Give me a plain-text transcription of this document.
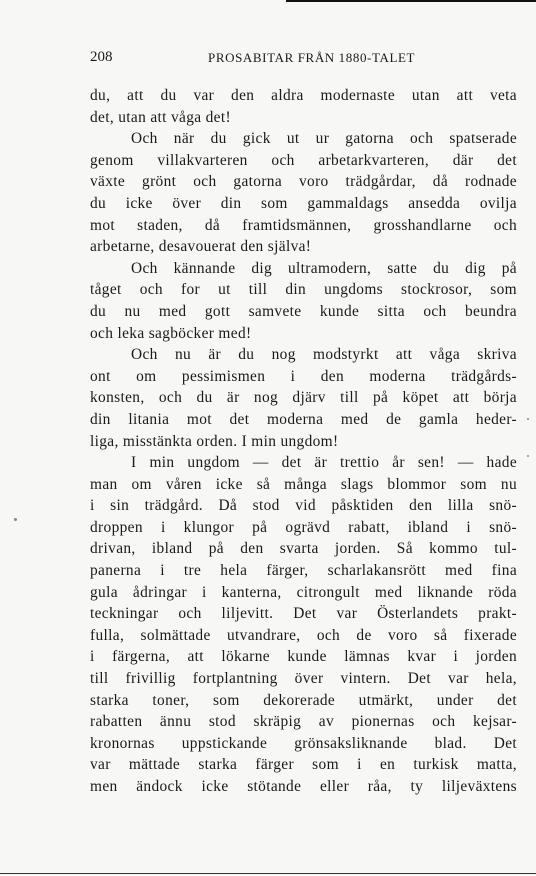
208	PROSABITAR FRÅN 1880-TALET
du, att du var den aldra modernaste utan att veta
det, utan att våga det!
Och när du gick ut ur gatorna och spatserade
genom villakvarteren och arbetarkvarteren, där det
växte grönt och gatorna voro trädgårdar, då rodnade
du icke över din som gammaldags ansedda ovilja
mot staden, då framtidsmännen, grosshandlarne och
arbetarne, desavouerat den själva!
Och kännande dig ultramodern, satte du dig på
tåget och for ut till din ungdoms stockrosor, som
du nu med gott samvete kunde sitta och beundra
och leka sagböcker med!
Och nu är du nog modstyrkt att våga skriva
ont om pessimismen i den moderna trädgårds-
konsten, och du är nog djärv till på köpet att börja
din litania mot det moderna med de gamla heder-
liga, misstänkta orden. I min ungdom!
I min ungdom — det är trettio år sen! — hade
man om våren icke så många slags blommor som nu
i sin trädgård. Då stod vid påsktiden den lilla snö-
droppen i klungor på ogrävd rabatt, ibland i snö-
drivan, ibland på den svarta jorden. Så kommo tul-
panerna i tre hela färger, scharlakansrött med fina
gula ådringar i kanterna, citrongult med liknande röda
teckningar och liljevitt. Det var Österlandets prakt-
fulla, solmättade utvandrare, och de voro så fixerade
i färgerna, att lökarne kunde lämnas kvar i jorden
till frivillig fortplantning över vintern. Det var hela,
starka toner, som dekorerade utmärkt, under det
rabatten ännu stod skräpig av pionernas och kejsar-
kronornas uppstickande grönsaksliknande blad. Det
var mättade starka färger som i en turkisk matta,
men ändock icke stötande eller råa, ty liljeväxtens
